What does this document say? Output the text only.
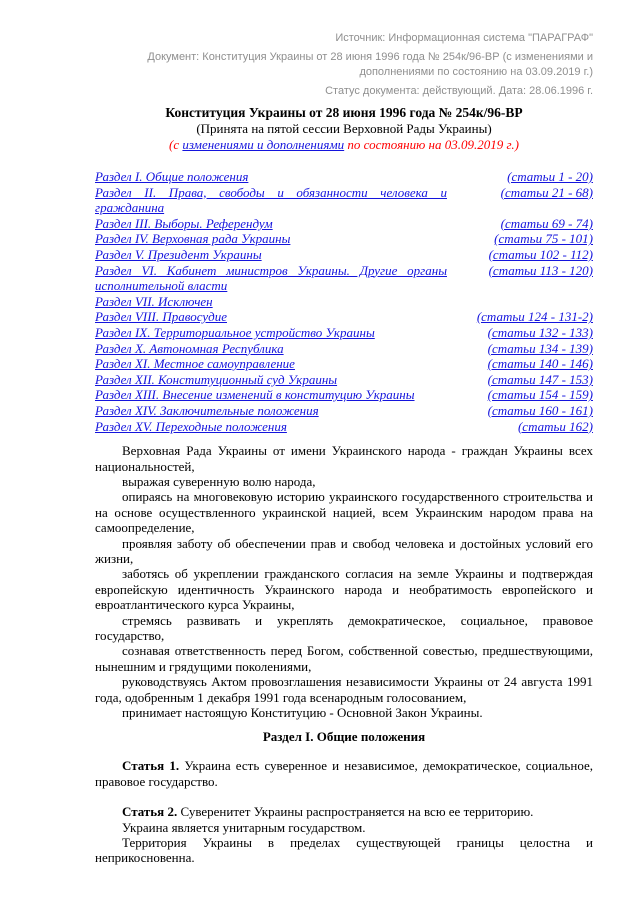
Источник: Информационная система "ПАРАГРАФ"
Документ: Конституция Украины от 28 июня 1996 года № 254к/96-ВР (с изменениями и дополнениями по состоянию на 03.09.2019 г.)
Статус документа: действующий. Дата: 28.06.1996 г.
Конституция Украины от 28 июня 1996 года № 254к/96-ВР
(Принята на пятой сессии Верховной Рады Украины)
(с изменениями и дополнениями по состоянию на 03.09.2019 г.)
Раздел I. Общие положения	(статьи 1 - 20)
Раздел II. Права, свободы и обязанности человека и гражданина
(статьи 21 - 68)
Раздел III. Выборы. Референдум	(статьи 69 - 74)
Раздел IV. Верховная рада Украины	(статьи 75 - 101)
Раздел V. Президент Украины	(статьи 102 - 112)
Раздел VI. Кабинет министров Украины. Другие органы исполнительной власти
(статьи 113 - 120)
Раздел VII. Исключен
Раздел VIII. Правосудие	(статьи 124 - 131-2)
Раздел IX. Территориальное устройство Украины	(статьи 132 - 133)
Раздел X. Автономная Республика	(статьи 134 - 139)
Раздел XI. Местное самоуправление	(статьи 140 - 146)
Раздел XII. Конституционный суд Украины	(статьи 147 - 153)
Раздел XIII. Внесение изменений в конституцию Украины	(статьи 154 - 159)
Раздел XIV. Заключительные положения	(статьи 160 - 161)
Раздел XV. Переходные положения	(статьи 162)

Верховная Рада Украины от имени Украинского народа - граждан Украины всех национальностей,

выражая суверенную волю народа,

опираясь на многовековую историю украинского государственного строительства и на основе осуществленного украинской нацией, всем Украинским народом права на самоопределение,

проявляя заботу об обеспечении прав и свобод человека и достойных условий его жизни,

заботясь об укреплении гражданского согласия на земле Украины и подтверждая европейскую идентичность Украинского народа и необратимость европейского и евроатлантического курса Украины,

стремясь развивать и укреплять демократическое, социальное, правовое государство,

сознавая ответственность перед Богом, собственной совестью, предшествующими, нынешним и грядущими поколениями,

руководствуясь Актом провозглашения независимости Украины от 24 августа 1991 года, одобренным 1 декабря 1991 года всенародным голосованием,

принимает настоящую Конституцию - Основной Закон Украины.

Раздел I. Общие положения

Статья 1. Украина есть суверенное и независимое, демократическое, социальное, правовое государство.

Статья 2. Суверенитет Украины распространяется на всю ее территорию.

Украина является унитарным государством.

Территория Украины в пределах существующей границы целостна и неприкосновенна.
